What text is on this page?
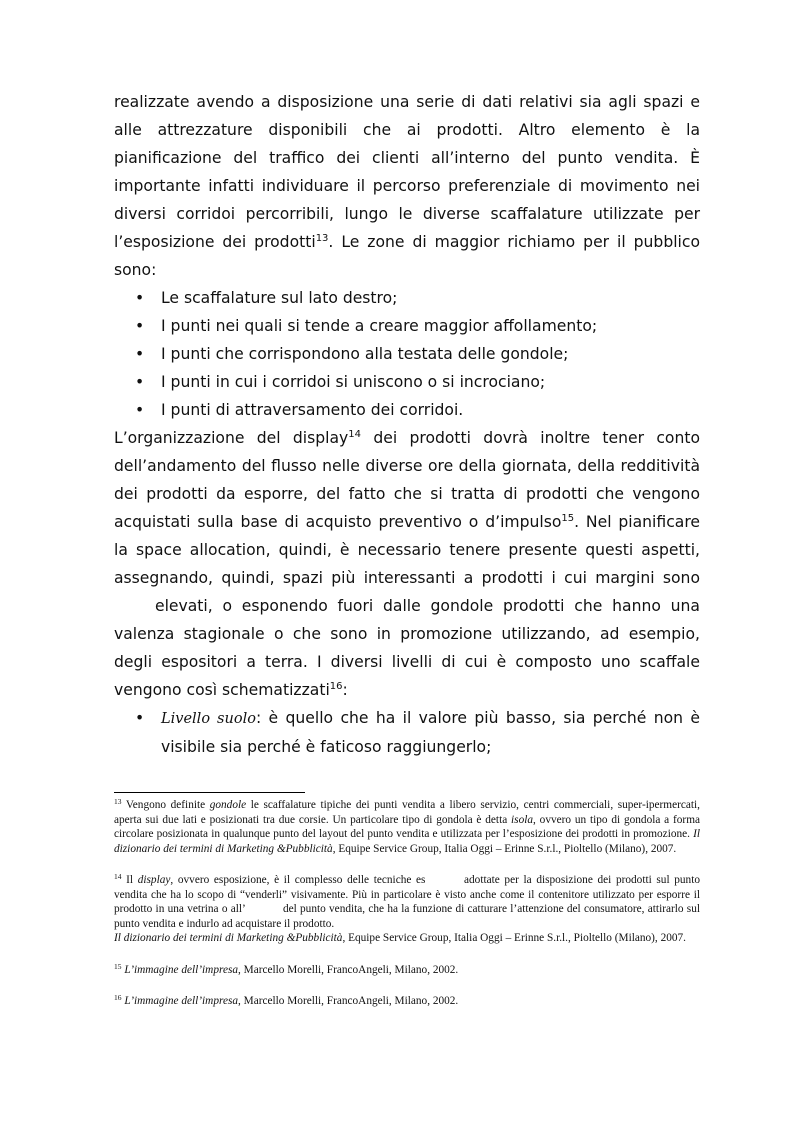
realizzate avendo a disposizione una serie di dati relativi sia agli spazi e alle attrezzature disponibili che ai prodotti. Altro elemento è la pianificazione del traffico dei clienti all’interno del punto vendita. È importante infatti individuare il percorso preferenziale di movimento nei diversi corridoi percorribili, lungo le diverse scaffalature utilizzate per l’esposizione dei prodotti$^{13}$. Le zone di maggior richiamo per il pubblico sono:

• Le scaffalature sul lato destro;
• I punti nei quali si tende a creare maggior affollamento;
• I punti che corrispondono alla testata delle gondole;
• I punti in cui i corridoi si uniscono o si incrociano;
• I punti di attraversamento dei corridoi.

L’organizzazione del display$^{14}$ dei prodotti dovrà inoltre tener conto dell’andamento del flusso nelle diverse ore della giornata, della redditività dei prodotti da esporre, del fatto che si tratta di prodotti che vengono acquistati sulla base di acquisto preventivo o d’impulso$^{15}$. Nel pianificare la space allocation, quindi, è necessario tenere presente questi aspetti, assegnando, quindi, spazi più interessanti a prodotti i cui margini sono    elevati, o esponendo fuori dalle gondole prodotti che hanno una valenza stagionale o che sono in promozione utilizzando, ad esempio, degli espositori a terra. I diversi livelli di cui è composto uno scaffale vengono così schematizzati$^{16}$:

• Livello suolo: è quello che ha il valore più basso, sia perché non è visibile sia perché è faticoso raggiungerlo;

$^{13}$ Vengono definite gondole le scaffalature tipiche dei punti vendita a libero servizio, centri commerciali, super-ipermercati, aperta sui due lati e posizionati tra due corsie. Un particolare tipo di gondola è detta isola, ovvero un tipo di gondola a forma circolare posizionata in qualunque punto del layout del punto vendita e utilizzata per l’esposizione dei prodotti in promozione. Il dizionario dei termini di Marketing &Pubblicità, Equipe Service Group, Italia Oggi – Erinne S.r.l., Pioltello (Milano), 2007.

$^{14}$ Il display, ovvero esposizione, è il complesso delle tecniche es   	adottate per la disposizione dei prodotti sul punto vendita che ha lo scopo di “venderli” visivamente. Più in particolare è visto anche come il contenitore utilizzato per esporre il prodotto in una vetrina o all’   	del punto vendita, che ha la funzione di catturare l’attenzione del consumatore, attirarlo sul punto vendita e indurlo ad acquistare il prodotto.
Il dizionario dei termini di Marketing &Pubblicità, Equipe Service Group, Italia Oggi – Erinne S.r.l., Pioltello (Milano), 2007.

$^{15}$ L’immagine dell’impresa, Marcello Morelli, FrancoAngeli, Milano, 2002.

$^{16}$ L’immagine dell’impresa, Marcello Morelli, FrancoAngeli, Milano, 2002.
